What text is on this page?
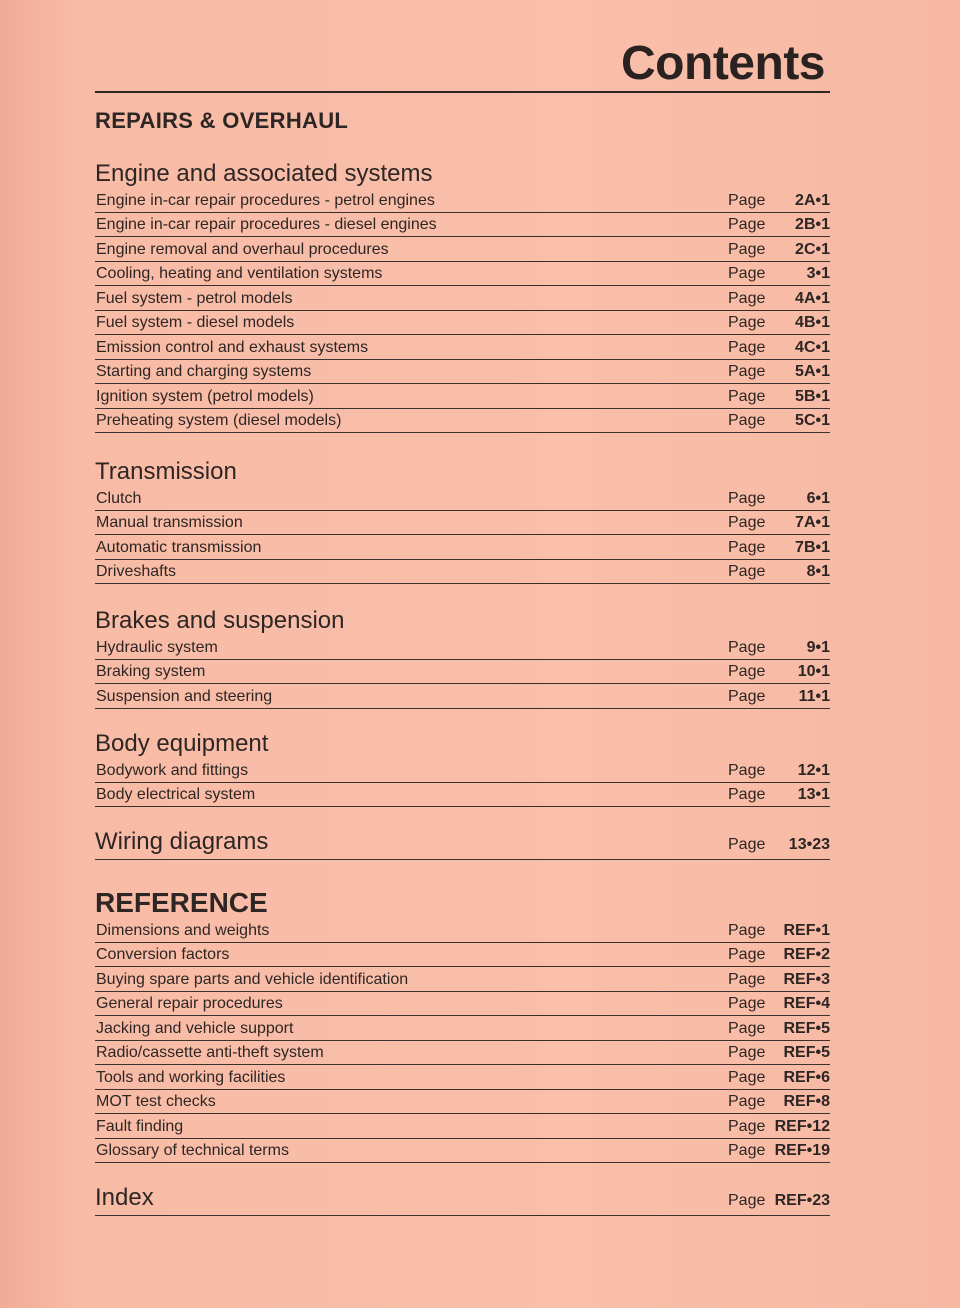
Contents
REPAIRS & OVERHAUL
Engine and associated systems
Engine in-car repair procedures - petrol engines	Page	2A•1
Engine in-car repair procedures - diesel engines	Page	2B•1
Engine removal and overhaul procedures	Page	2C•1
Cooling, heating and ventilation systems	Page	3•1
Fuel system - petrol models	Page	4A•1
Fuel system - diesel models	Page	4B•1
Emission control and exhaust systems	Page	4C•1
Starting and charging systems	Page	5A•1
Ignition system (petrol models)	Page	5B•1
Preheating system (diesel models)	Page	5C•1
Transmission
Clutch	Page	6•1
Manual transmission	Page	7A•1
Automatic transmission	Page	7B•1
Driveshafts	Page	8•1
Brakes and suspension
Hydraulic system	Page	9•1
Braking system	Page	10•1
Suspension and steering	Page	11•1
Body equipment
Bodywork and fittings	Page	12•1
Body electrical system	Page	13•1
Wiring diagrams	Page	13•23
REFERENCE
Dimensions and weights	Page	REF•1
Conversion factors	Page	REF•2
Buying spare parts and vehicle identification	Page	REF•3
General repair procedures	Page	REF•4
Jacking and vehicle support	Page	REF•5
Radio/cassette anti-theft system	Page	REF•5
Tools and working facilities	Page	REF•6
MOT test checks	Page	REF•8
Fault finding	Page REF•12
Glossary of technical terms	Page REF•19
Index	Page REF•23
